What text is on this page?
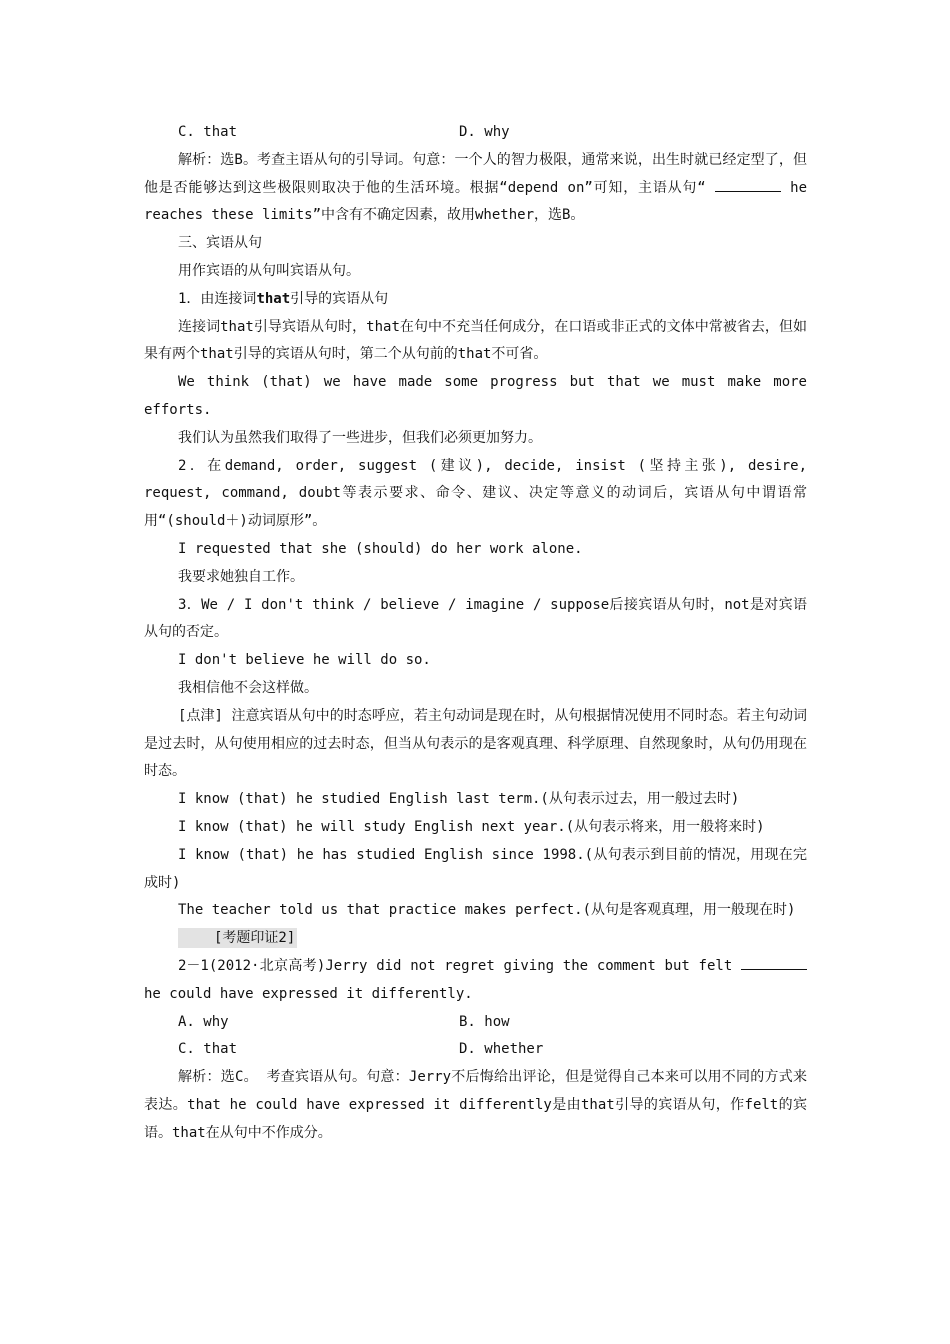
C. that	D. why

解析：选B。考查主语从句的引导词。句意：一个人的智力极限，通常来说，出生时就已经定型了，但他是否能够达到这些极限则取决于他的生活环境。根据“depend on”可知，主语从句“	he reaches these limits”中含有不确定因素，故用whether，选B。

三、宾语从句

用作宾语的从句叫宾语从句。

1．由连接词that引导的宾语从句

连接词that引导宾语从句时，that在句中不充当任何成分，在口语或非正式的文体中常被省去，但如果有两个that引导的宾语从句时，第二个从句前的that不可省。

We think (that) we have made some progress but that we must make more efforts.

我们认为虽然我们取得了一些进步，但我们必须更加努力。

2．在demand, order, suggest (建议), decide, insist (坚持主张), desire, request, command, doubt等表示要求、命令、建议、决定等意义的动词后，宾语从句中谓语常用“(should＋)动词原形”。

I requested that she (should) do her work alone.

我要求她独自工作。

3．We / I don't think / believe / imagine / suppose后接宾语从句时，not是对宾语从句的否定。

I don't believe he will do so.

我相信他不会这样做。

[点津] 注意宾语从句中的时态呼应，若主句动词是现在时，从句根据情况使用不同时态。若主句动词是过去时，从句使用相应的过去时态，但当从句表示的是客观真理、科学原理、自然现象时，从句仍用现在时态。

I know (that) he studied English last term.(从句表示过去，用一般过去时)

I know (that) he will study English next year.(从句表示将来，用一般将来时)

I know (that) he has studied English since 1998.(从句表示到目前的情况，用现在完成时)

The teacher told us that practice makes perfect.(从句是客观真理，用一般现在时)

[考题印证2]

2－1(2012·北京高考)Jerry did not regret giving the comment but felt	he could have expressed it differently.

A. why	B. how
C. that	D. whether

解析：选C。 考查宾语从句。句意：Jerry不后悔给出评论，但是觉得自己本来可以用不同的方式来表达。that he could have expressed it differently是由that引导的宾语从句，作felt的宾语。that在从句中不作成分。
